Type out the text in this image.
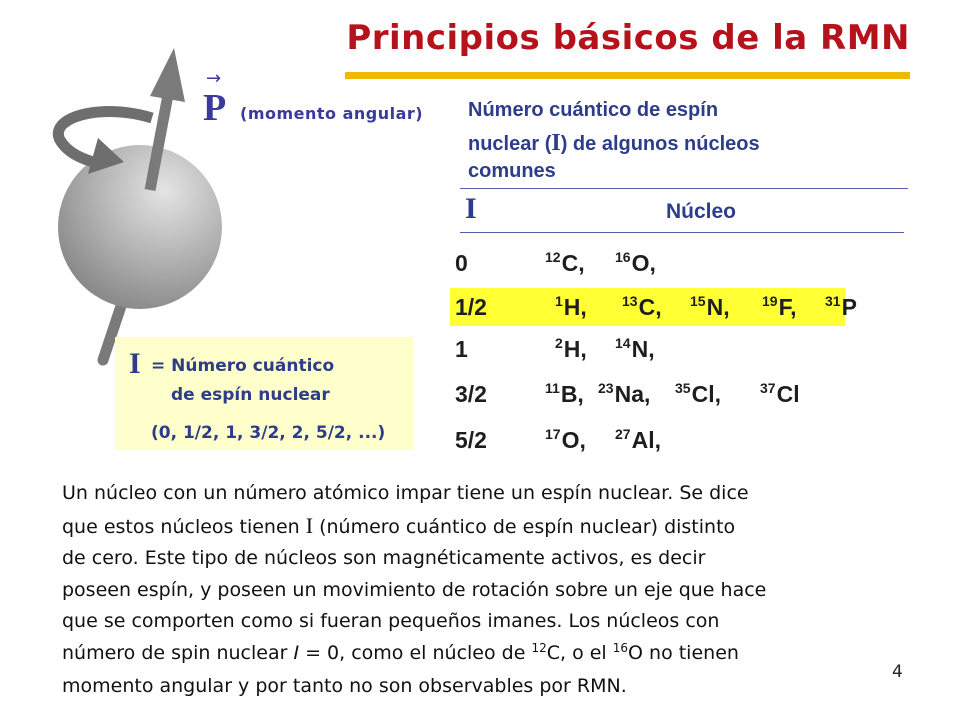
Principios básicos de la RMN
→
P (momento angular) Número cuántico de espín
nuclear (I) de algunos núcleos
comunes
I	Núcleo
0	$^{12}$C, $^{16}$O,
1/2	$^1$H,	$^{13}$C, $^{15}$N, $^{19}$F, $^{31}$P
1	$^2$H, $^{14}$N,
3/2	$^{11}$B, $^{23}$Na, $^{35}$Cl,	$^{37}$Cl
5/2	$^{17}$O, $^{27}$Al,
I = Número cuántico
de espín nuclear
(0, 1/2, 1, 3/2, 2, 5/2, ...)

Un núcleo con un número atómico impar tiene un espín nuclear. Se dice

que estos núcleos tienen I (número cuántico de espín nuclear) distinto

de cero. Este tipo de núcleos son magnéticamente activos, es decir

poseen espín, y poseen un movimiento de rotación sobre un eje que hace

que se comporten como si fueran pequeños imanes. Los núcleos con

número de spin nuclear I = 0, como el núcleo de $^{12}$C, o el $^{16}$O no tienen

momento angular y por tanto no son observables por RMN.

4
